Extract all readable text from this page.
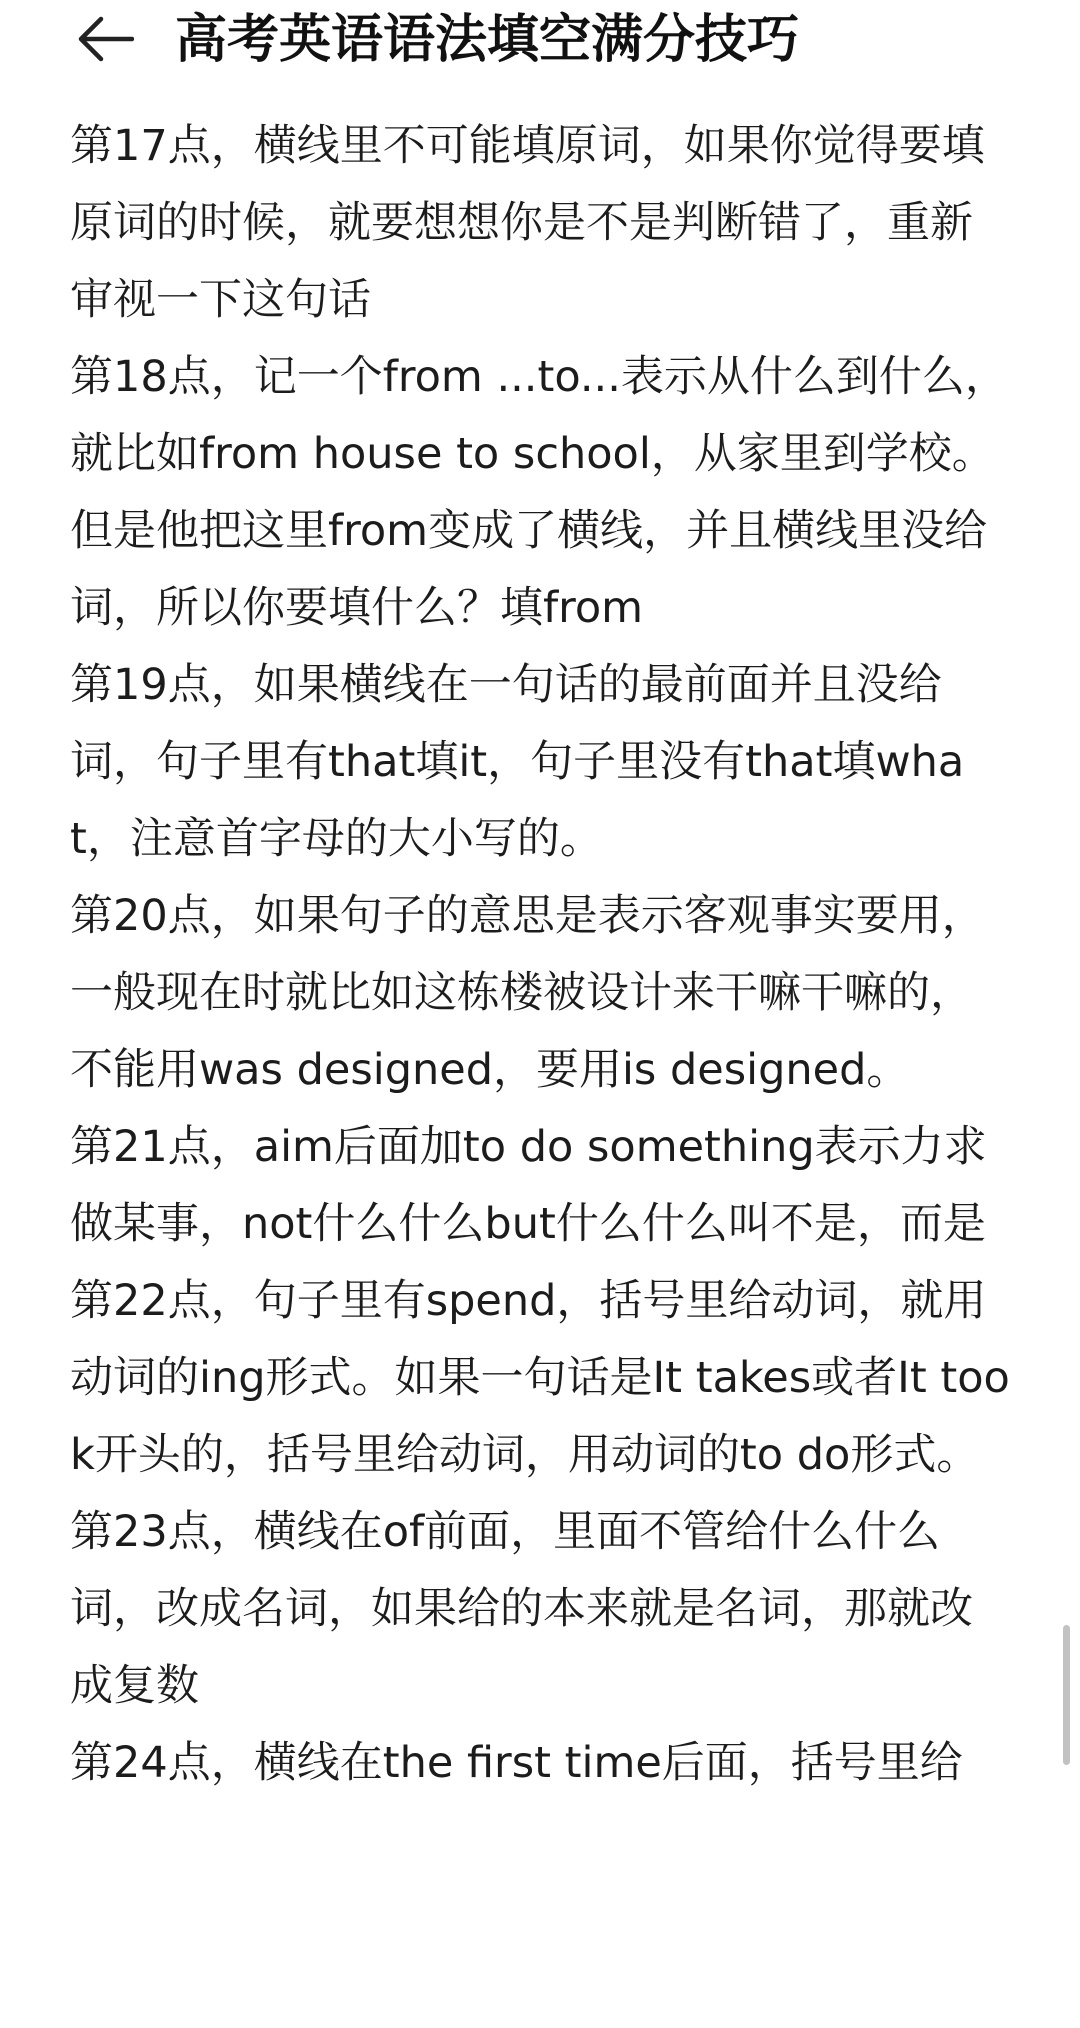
高考英语语法填空满分技巧

第17点，横线里不可能填原词，如果你觉得要填原词的时候，就要想想你是不是判断错了，重新审视一下这句话

第18点，记一个from ...to...表示从什么到什么，就比如from house to school，从家里到学校。但是他把这里from变成了横线，并且横线里没给词，所以你要填什么？填from

第19点，如果横线在一句话的最前面并且没给词，句子里有that填it，句子里没有that填what，注意首字母的大小写的。

第20点，如果句子的意思是表示客观事实要用，一般现在时就比如这栋楼被设计来干嘛干嘛的，不能用was designed，要用is designed。

第21点，aim后面加to do something表示力求做某事，not什么什么but什么什么叫不是，而是

第22点，句子里有spend，括号里给动词，就用动词的ing形式。如果一句话是It takes或者It took开头的，括号里给动词，用动词的to do形式。

第23点，横线在of前面，里面不管给什么什么词，改成名词，如果给的本来就是名词，那就改成复数

第24点，横线在the first time后面，括号里给
